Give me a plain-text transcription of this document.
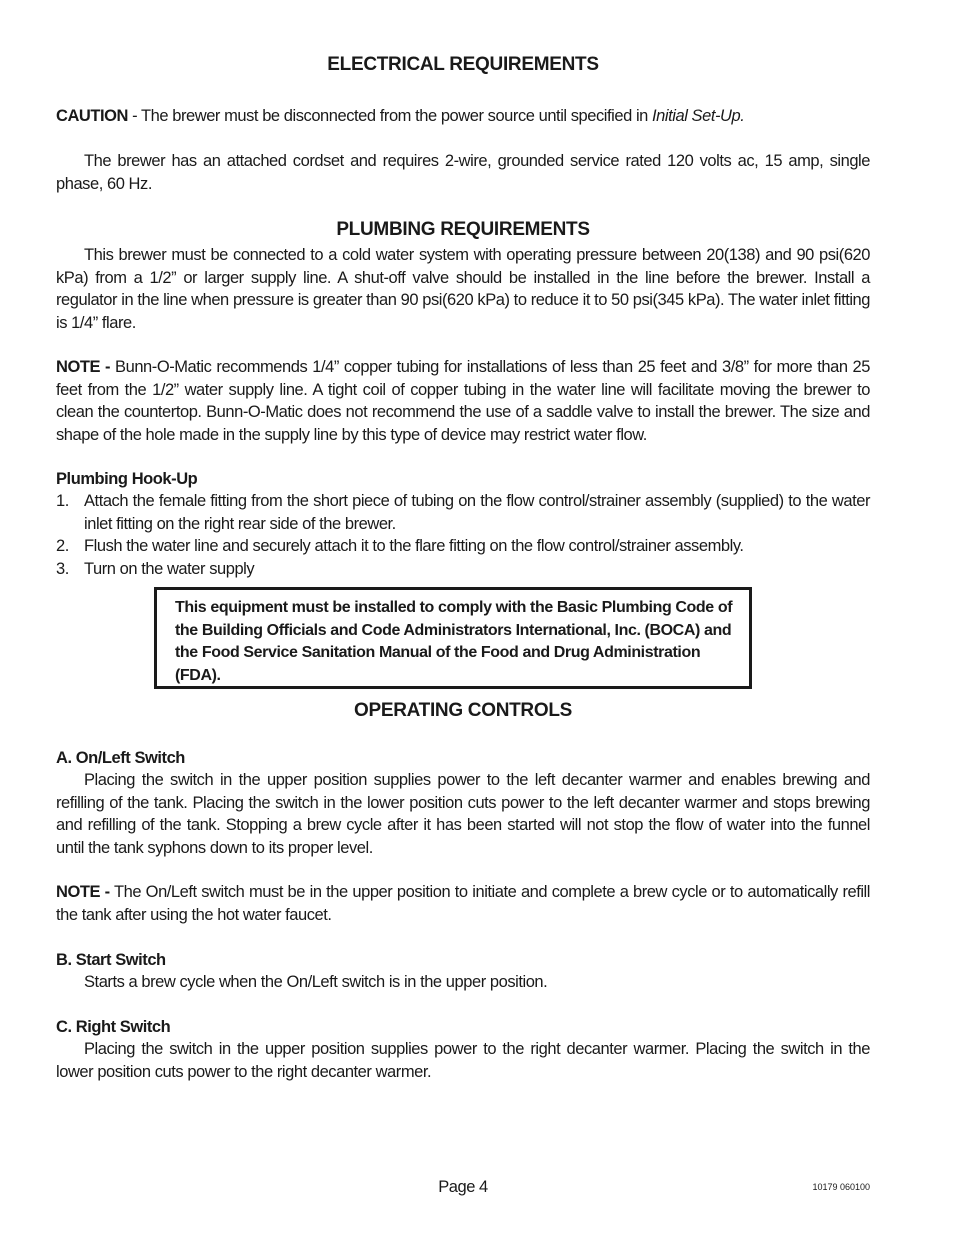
ELECTRICAL REQUIREMENTS
CAUTION - The brewer must be disconnected from the power source until specified in Initial Set-Up.
The brewer has an attached cordset and requires 2-wire, grounded service rated 120 volts ac, 15 amp, single phase, 60 Hz.
PLUMBING REQUIREMENTS
This brewer must be connected to a cold water system with operating pressure between 20(138) and 90 psi(620 kPa) from a 1/2” or larger supply line. A shut-off valve should be installed in the line before the brewer. Install a regulator in the line when pressure is greater than 90 psi(620 kPa) to reduce it to 50 psi(345 kPa). The water inlet fitting is 1/4” flare.
NOTE - Bunn-O-Matic recommends 1/4” copper tubing for installations of less than 25 feet and 3/8” for more than 25 feet from the 1/2” water supply line. A tight coil of copper tubing in the water line will facilitate moving the brewer to clean the countertop. Bunn-O-Matic does not recommend the use of a saddle valve to install the brewer. The size and shape of the hole made in the supply line by this type of device may restrict water flow.
Plumbing Hook-Up
1. Attach the female fitting from the short piece of tubing on the flow control/strainer assembly (supplied) to the water inlet fitting on the right rear side of the brewer.
2. Flush the water line and securely attach it to the flare fitting on the flow control/strainer assembly.
3. Turn on the water supply
This equipment must be installed to comply with the Basic Plumbing Code of the Building Officials and Code Administrators International, Inc. (BOCA) and the Food Service Sanitation Manual of the Food and Drug Administration (FDA).
OPERATING CONTROLS
A. On/Left Switch
Placing the switch in the upper position supplies power to the left decanter warmer and enables brewing and refilling of the tank. Placing the switch in the lower position cuts power to the left decanter warmer and stops brewing and refilling of the tank. Stopping a brew cycle after it has been started will not stop the flow of water into the funnel until the tank syphons down to its proper level.
NOTE - The On/Left switch must be in the upper position to initiate and complete a brew cycle or to automatically refill the tank after using the hot water faucet.
B. Start Switch
Starts a brew cycle when the On/Left switch is in the upper position.
C. Right Switch
Placing the switch in the upper position supplies power to the right decanter warmer. Placing the switch in the lower position cuts power to the right decanter warmer.
Page 4	10179 060100
